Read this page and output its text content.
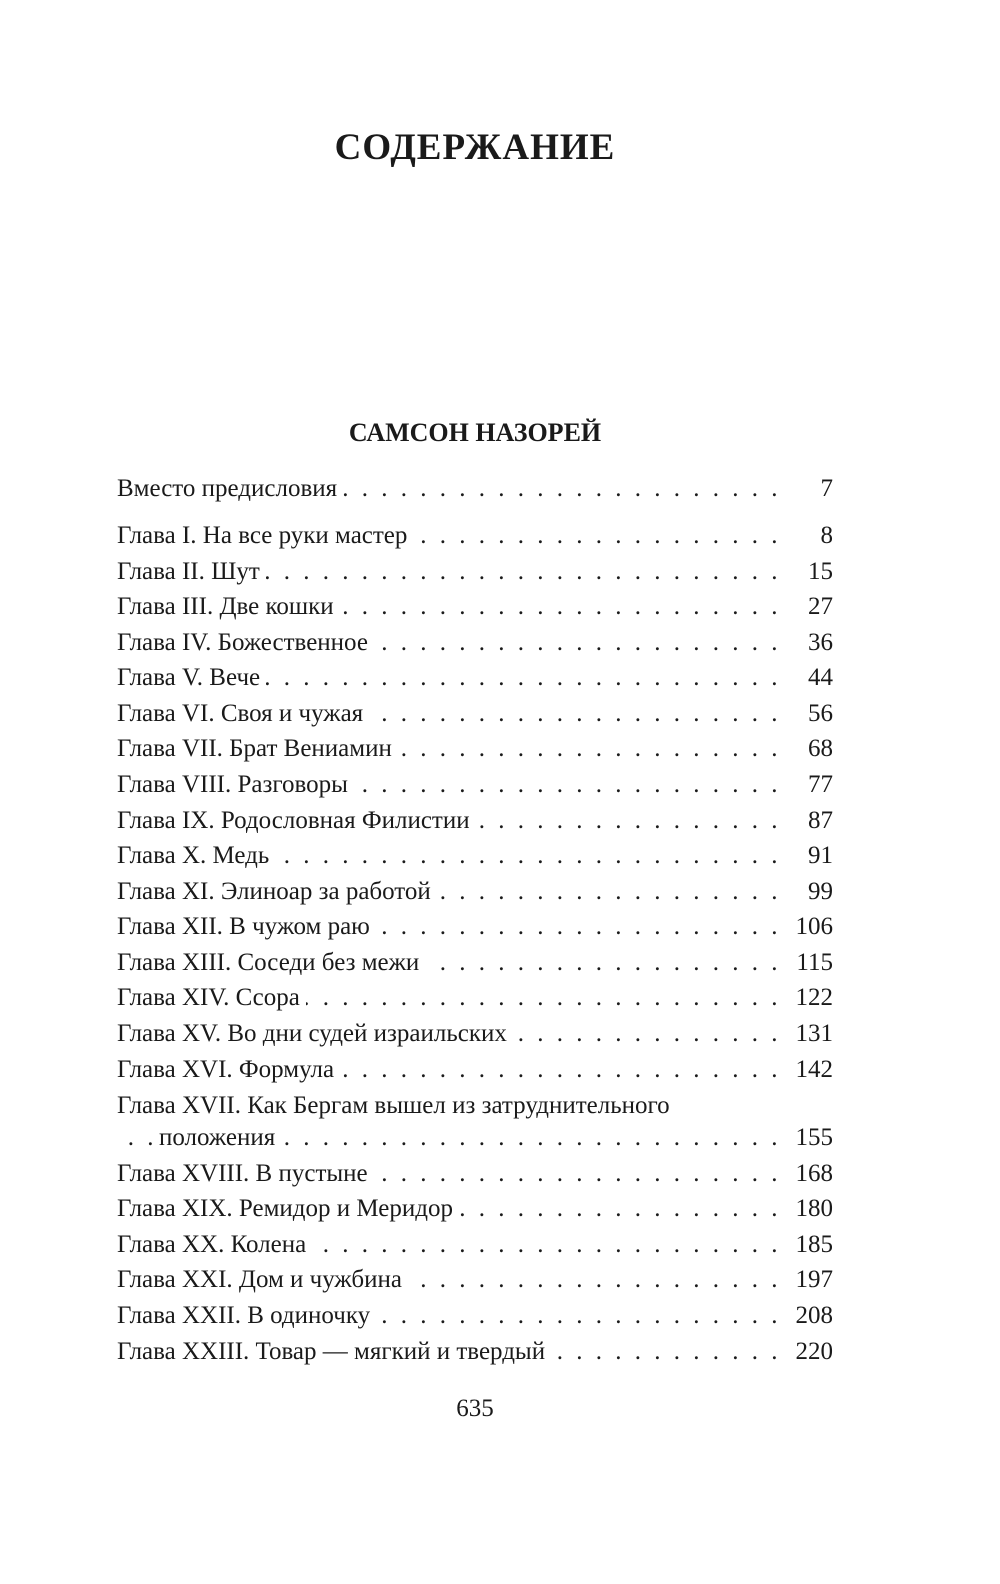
СОДЕРЖАНИЕ
САМСОН НАЗОРЕЙ
. . .
Вместо предисловия	7
. . .
Глава I. На все руки мастер	8
. . .
Глава II. Шут	15
. . .
Глава III. Две кошки	27
. . .
Глава IV. Божественное	36
. . .
Глава V. Вече	44
. . .
Глава VI. Своя и чужая	56
. . .
Глава VII. Брат Вениамин	68
. . .
Глава VIII. Разговоры	77
. . .
Глава IX. Родословная Филистии	87
. . .
Глава X. Медь	91
. . .
Глава XI. Элиноар за работой	99
. . .
Глава XII. В чужом раю	106
. . .
Глава XIII. Соседи без межи	115
. . .
Глава XIV. Ссора	122
. . .
Глава XV. Во дни судей израильских	131
. . .
Глава XVI. Формула	142
Глава XVII. Как Бергам вышел из затруднительного
. . .
положения	155
. . .
Глава XVIII. В пустыне	168
. . .
Глава XIX. Ремидор и Меридор	180
. . .
Глава XX. Колена	185
. . .
Глава XXI. Дом и чужбина	197
. . .
Глава XXII. В одиночку	208
. . .
Глава XXIII. Товар — мягкий и твердый	220
635
